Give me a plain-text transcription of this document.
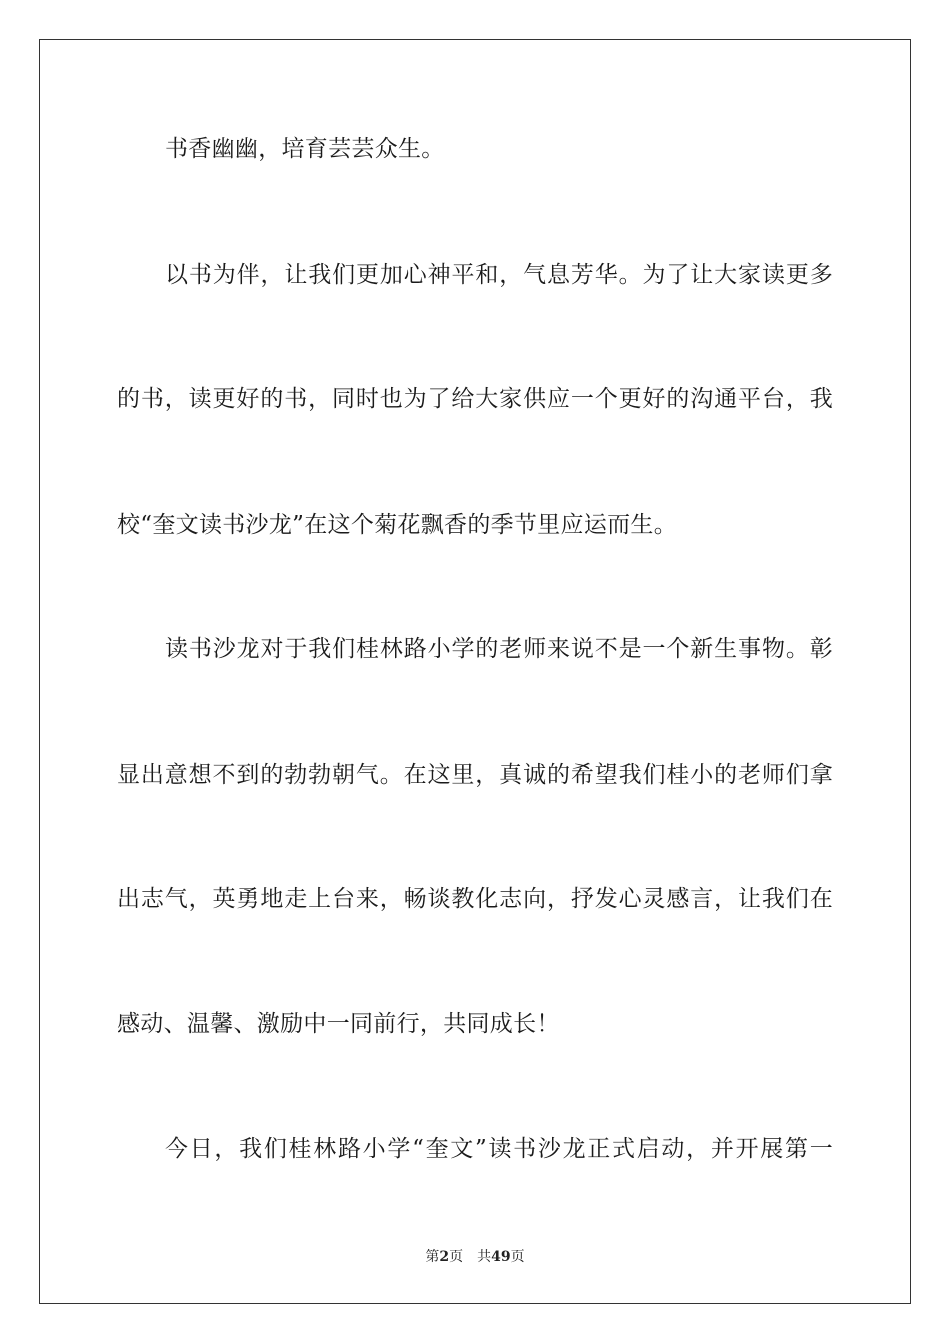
书香幽幽，培育芸芸众生。
以书为伴，让我们更加心神平和，气息芳华。为了让大家读更多
的书，读更好的书，同时也为了给大家供应一个更好的沟通平台，我
校“奎文读书沙龙”在这个菊花飘香的季节里应运而生。
读书沙龙对于我们桂林路小学的老师来说不是一个新生事物。彰
显出意想不到的勃勃朝气。在这里，真诚的希望我们桂小的老师们拿
出志气，英勇地走上台来，畅谈教化志向，抒发心灵感言，让我们在
感动、温馨、激励中一同前行，共同成长！
今日，我们桂林路小学“奎文”读书沙龙正式启动，并开展第一
第2页 共49页
